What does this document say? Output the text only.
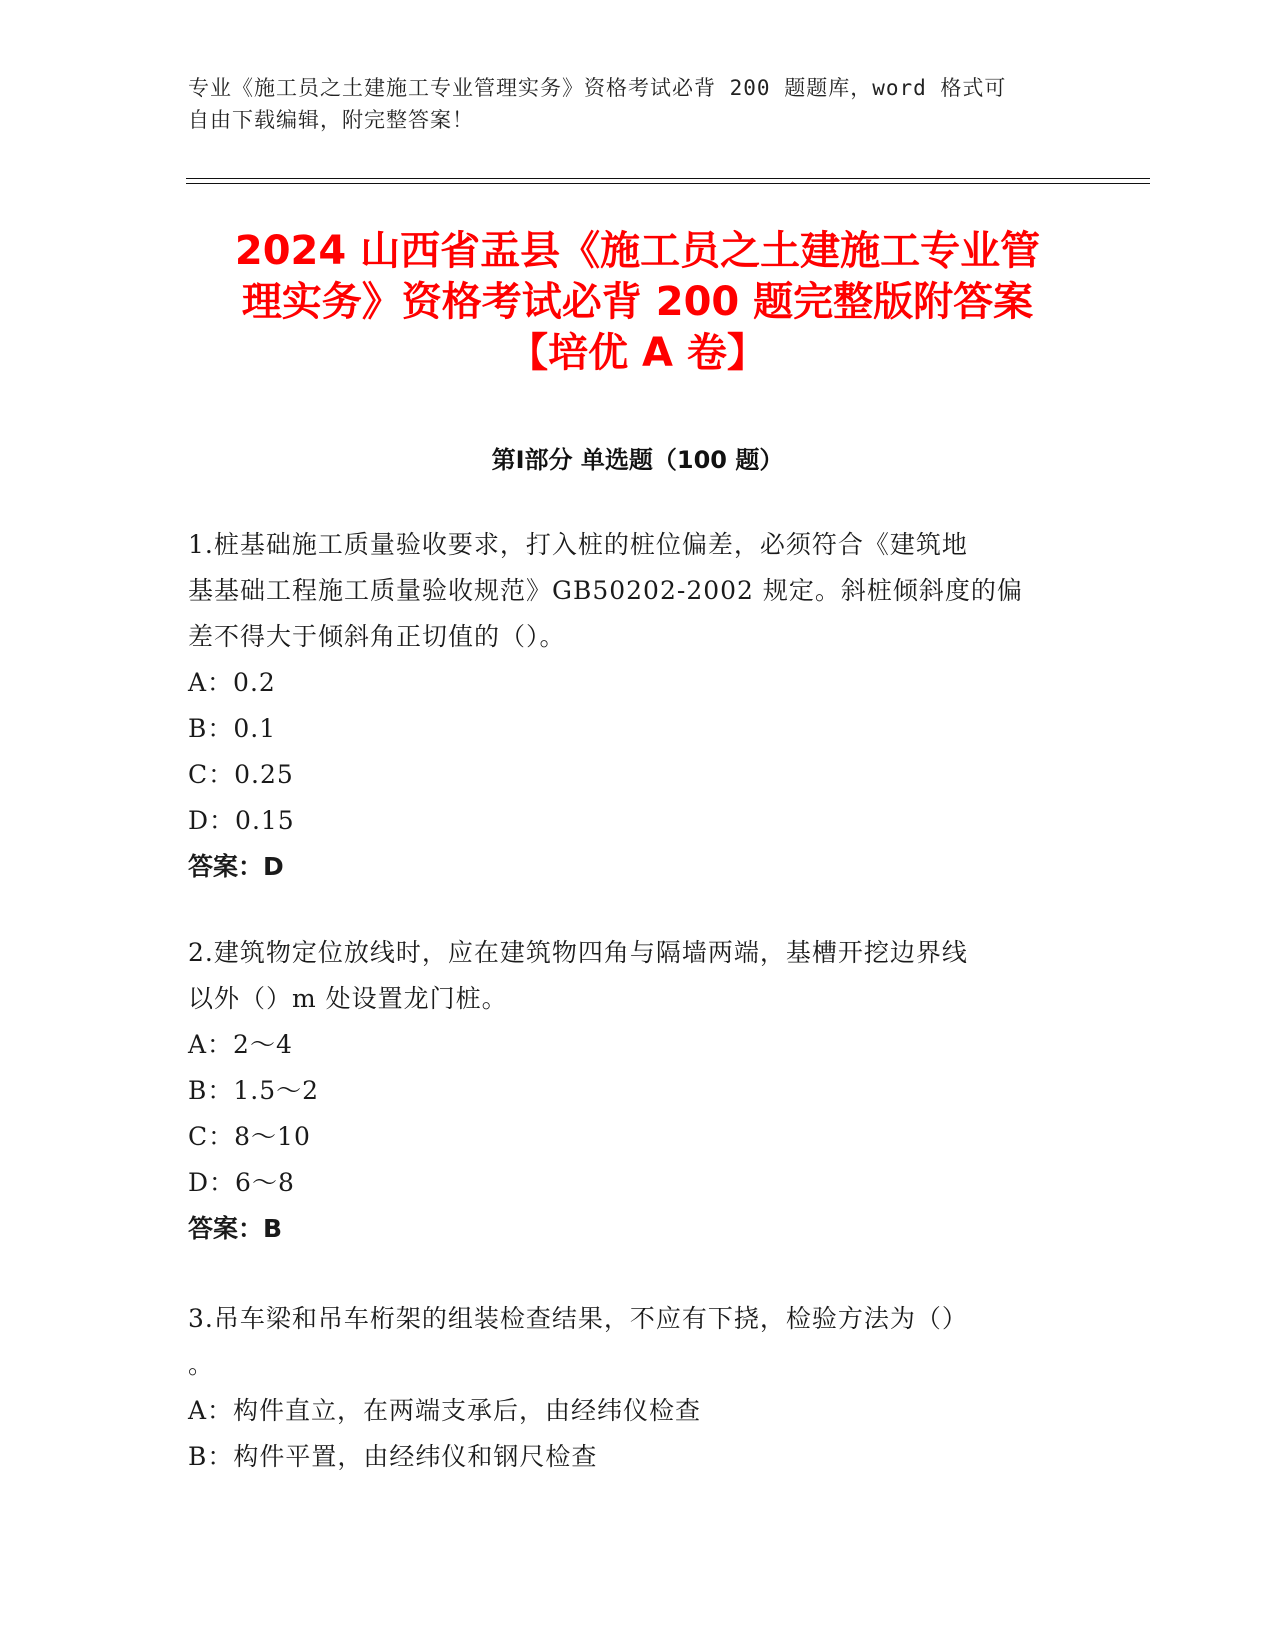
专业《施工员之土建施工专业管理实务》资格考试必背 200 题题库，word 格式可
自由下载编辑，附完整答案！
2024 山西省盂县《施工员之土建施工专业管
理实务》资格考试必背 200 题完整版附答案
【培优 A 卷】
第Ⅰ部分 单选题（100 题）
1.桩基础施工质量验收要求，打入桩的桩位偏差，必须符合《建筑地
基基础工程施工质量验收规范》GB50202-2002 规定。斜桩倾斜度的偏
差不得大于倾斜角正切值的（）。
A：0.2
B：0.1
C：0.25
D：0.15
答案：D
2.建筑物定位放线时，应在建筑物四角与隔墙两端，基槽开挖边界线
以外（）m 处设置龙门桩。
A：2～4
B：1.5～2
C：8～10
D：6～8
答案：B
3.吊车梁和吊车桁架的组装检查结果，不应有下挠，检验方法为（）
。
A：构件直立，在两端支承后，由经纬仪检查
B：构件平置，由经纬仪和钢尺检查
